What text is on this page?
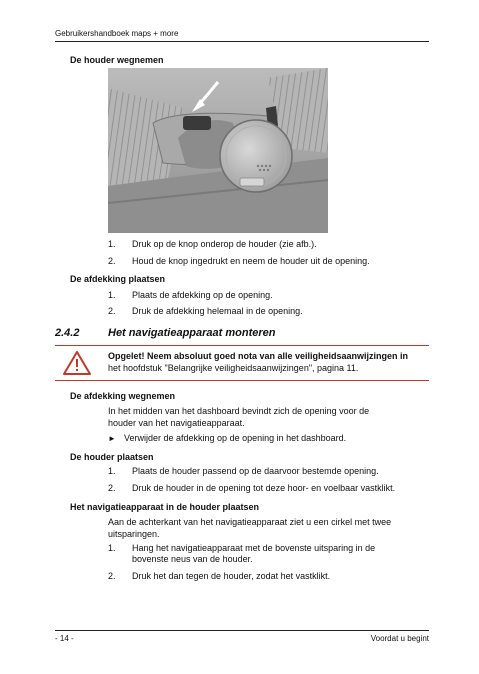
Gebruikershandboek maps + more
De houder wegnemen
1.	Druk op de knop onderop de houder (zie afb.).
2.	Houd de knop ingedrukt en neem de houder uit de opening.
De afdekking plaatsen
1.	Plaats de afdekking op de opening.
2.	Druk de afdekking helemaal in de opening.
2.4.2	Het navigatieapparaat monteren
Opgelet! Neem absoluut goed nota van alle veiligheidsaanwijzingen in
het hoofdstuk "Belangrijke veiligheidsaanwijzingen", pagina 11.
De afdekking wegnemen
In het midden van het dashboard bevindt zich de opening voor de
houder van het navigatieapparaat.
► Verwijder de afdekking op de opening in het dashboard.
De houder plaatsen
1.	Plaats de houder passend op de daarvoor bestemde opening.
2.	Druk de houder in de opening tot deze hoor- en voelbaar vastklikt.
Het navigatieapparaat in de houder plaatsen
Aan de achterkant van het navigatieapparaat ziet u een cirkel met twee
uitsparingen.
1.	Hang het navigatieapparaat met de bovenste uitsparing in de
bovenste neus van de houder.
2.	Druk het dan tegen de houder, zodat het vastklikt.
- 14 -	Voordat u begint
